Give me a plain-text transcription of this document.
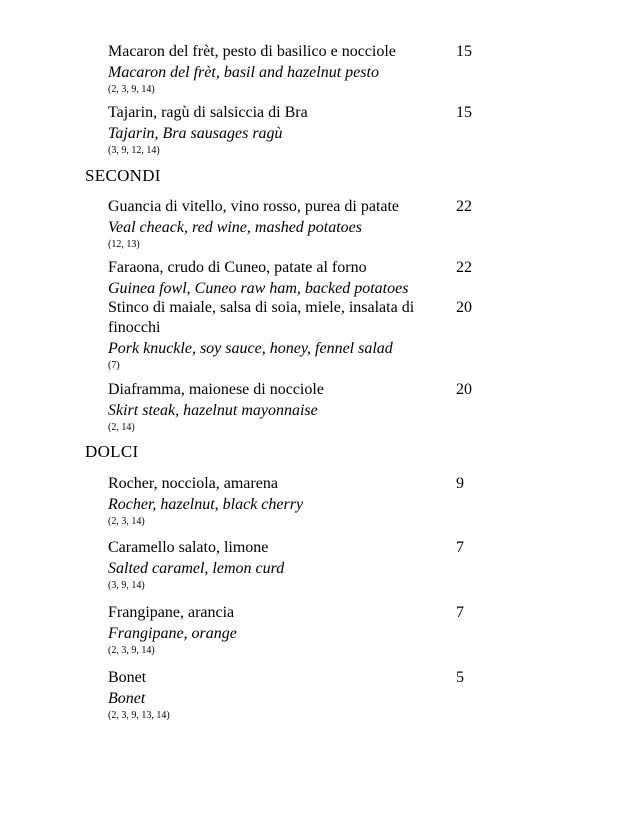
Macaron del frèt, pesto di basilico e nocciole
Macaron del frèt, basil and hazelnut pesto
(2, 3, 9, 14)
15
Tajarin, ragù di salsiccia di Bra
Tajarin, Bra sausages ragù
(3, 9, 12, 14)
15
SECONDI
Guancia di vitello, vino rosso, purea di patate
Veal cheack, red wine, mashed potatoes
(12, 13)
22
Faraona, crudo di Cuneo, patate al forno
Guinea fowl, Cuneo raw ham, backed potatoes
22
Stinco di maiale, salsa di soia, miele, insalata di finocchi
Pork knuckle, soy sauce, honey, fennel salad
(7)
20
Diaframma, maionese di nocciole
Skirt steak, hazelnut mayonnaise
(2, 14)
20
DOLCI
Rocher, nocciola, amarena
Rocher, hazelnut, black cherry
(2, 3, 14)
9
Caramello salato, limone
Salted caramel, lemon curd
(3, 9, 14)
7
Frangipane, arancia
Frangipane, orange
(2, 3, 9, 14)
7
Bonet
Bonet
(2, 3, 9, 13, 14)
5
